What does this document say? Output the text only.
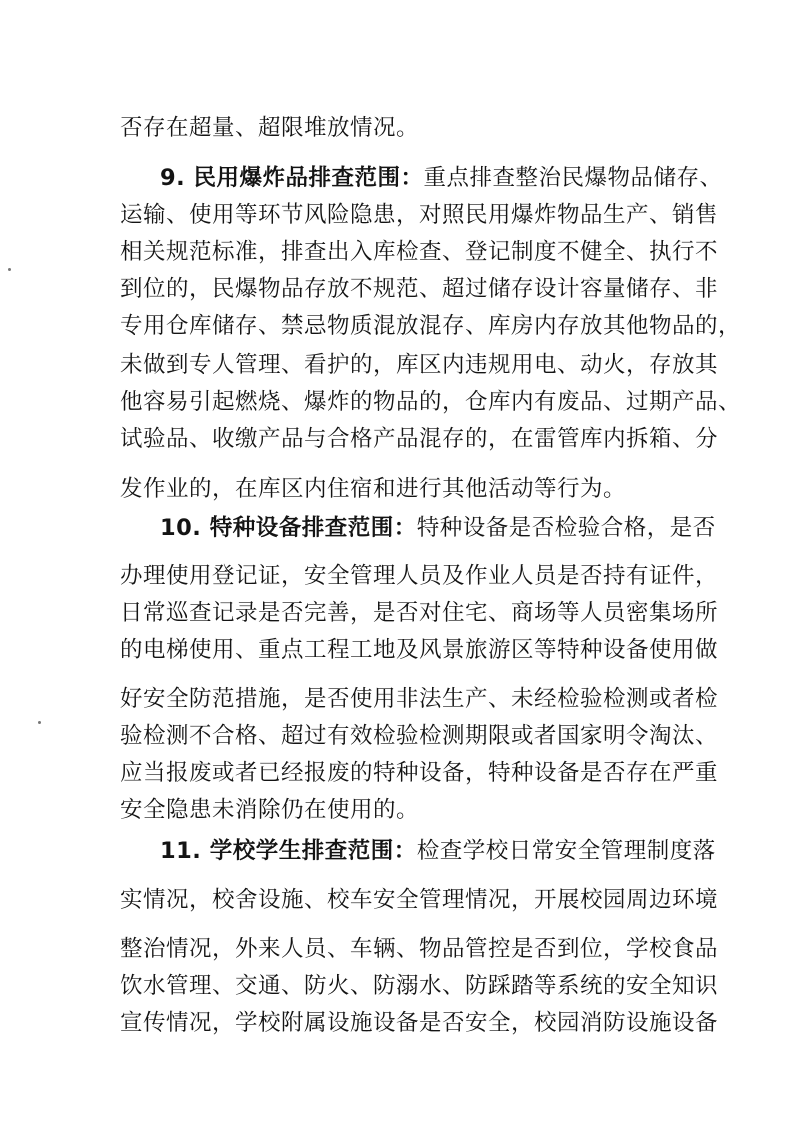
否存在超量、超限堆放情况。
9. 民用爆炸品排查范围：重点排查整治民爆物品储存、
运输、使用等环节风险隐患，对照民用爆炸物品生产、销售
相关规范标准，排查出入库检查、登记制度不健全、执行不
到位的，民爆物品存放不规范、超过储存设计容量储存、非
专用仓库储存、禁忌物质混放混存、库房内存放其他物品的，
未做到专人管理、看护的，库区内违规用电、动火，存放其
他容易引起燃烧、爆炸的物品的，仓库内有废品、过期产品、
试验品、收缴产品与合格产品混存的，在雷管库内拆箱、分
发作业的，在库区内住宿和进行其他活动等行为。
10. 特种设备排查范围：特种设备是否检验合格，是否
办理使用登记证，安全管理人员及作业人员是否持有证件，
日常巡查记录是否完善，是否对住宅、商场等人员密集场所
的电梯使用、重点工程工地及风景旅游区等特种设备使用做
好安全防范措施，是否使用非法生产、未经检验检测或者检
验检测不合格、超过有效检验检测期限或者国家明令淘汰、
应当报废或者已经报废的特种设备，特种设备是否存在严重
安全隐患未消除仍在使用的。
11. 学校学生排查范围：检查学校日常安全管理制度落
实情况，校舍设施、校车安全管理情况，开展校园周边环境
整治情况，外来人员、车辆、物品管控是否到位，学校食品
饮水管理、交通、防火、防溺水、防踩踏等系统的安全知识
宣传情况，学校附属设施设备是否安全，校园消防设施设备
